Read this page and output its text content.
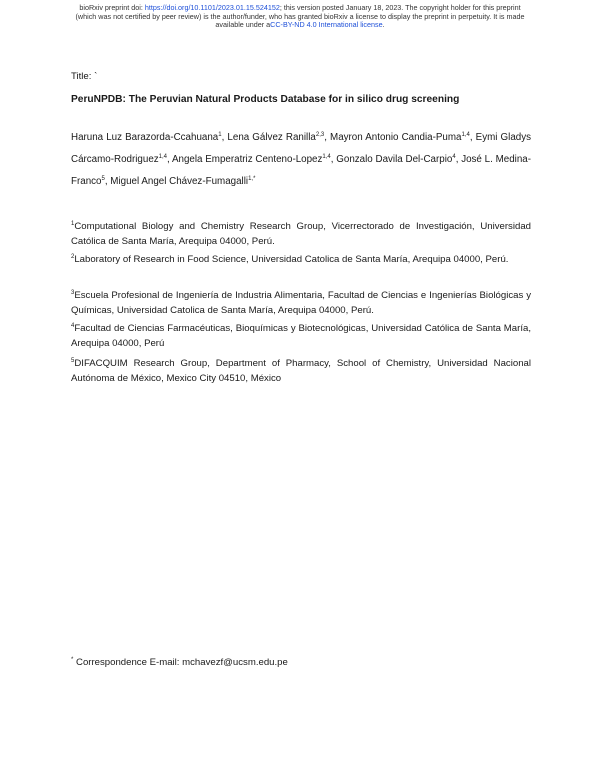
bioRxiv preprint doi: https://doi.org/10.1101/2023.01.15.524152; this version posted January 18, 2023. The copyright holder for this preprint
(which was not certified by peer review) is the author/funder, who has granted bioRxiv a license to display the preprint in perpetuity. It is made
available under aCC-BY-ND 4.0 International license.
Title: `
PeruNPDB: The Peruvian Natural Products Database for in silico drug screening
Haruna Luz Barazorda-Ccahuana$^1$, Lena Gálvez Ranilla$^{2,3}$, Mayron Antonio Candia-Puma$^{1,4}$, Eymi Gladys Cárcamo-Rodriguez$^{1,4}$, Angela Emperatriz Centeno-Lopez$^{1,4}$, Gonzalo Davila Del-Carpio$^4$, José L. Medina-Franco$^5$, Miguel Angel Chávez-Fumagalli$^{1,*}$
$^1$Computational Biology and Chemistry Research Group, Vicerrectorado de Investigación, Universidad Católica de Santa María, Arequipa 04000, Perú.
$^2$Laboratory of Research in Food Science, Universidad Catolica de Santa María, Arequipa 04000, Perú.
$^3$Escuela Profesional de Ingeniería de Industria Alimentaria, Facultad de Ciencias e Ingenierías Biológicas y Químicas, Universidad Catolica de Santa María, Arequipa 04000, Perú.
$^4$Facultad de Ciencias Farmacéuticas, Bioquímicas y Biotecnológicas, Universidad Católica de Santa María, Arequipa 04000, Perú
$^5$DIFACQUIM Research Group, Department of Pharmacy, School of Chemistry, Universidad Nacional Autónoma de México, Mexico City 04510, México
* Correspondence E-mail: mchavezf@ucsm.edu.pe
